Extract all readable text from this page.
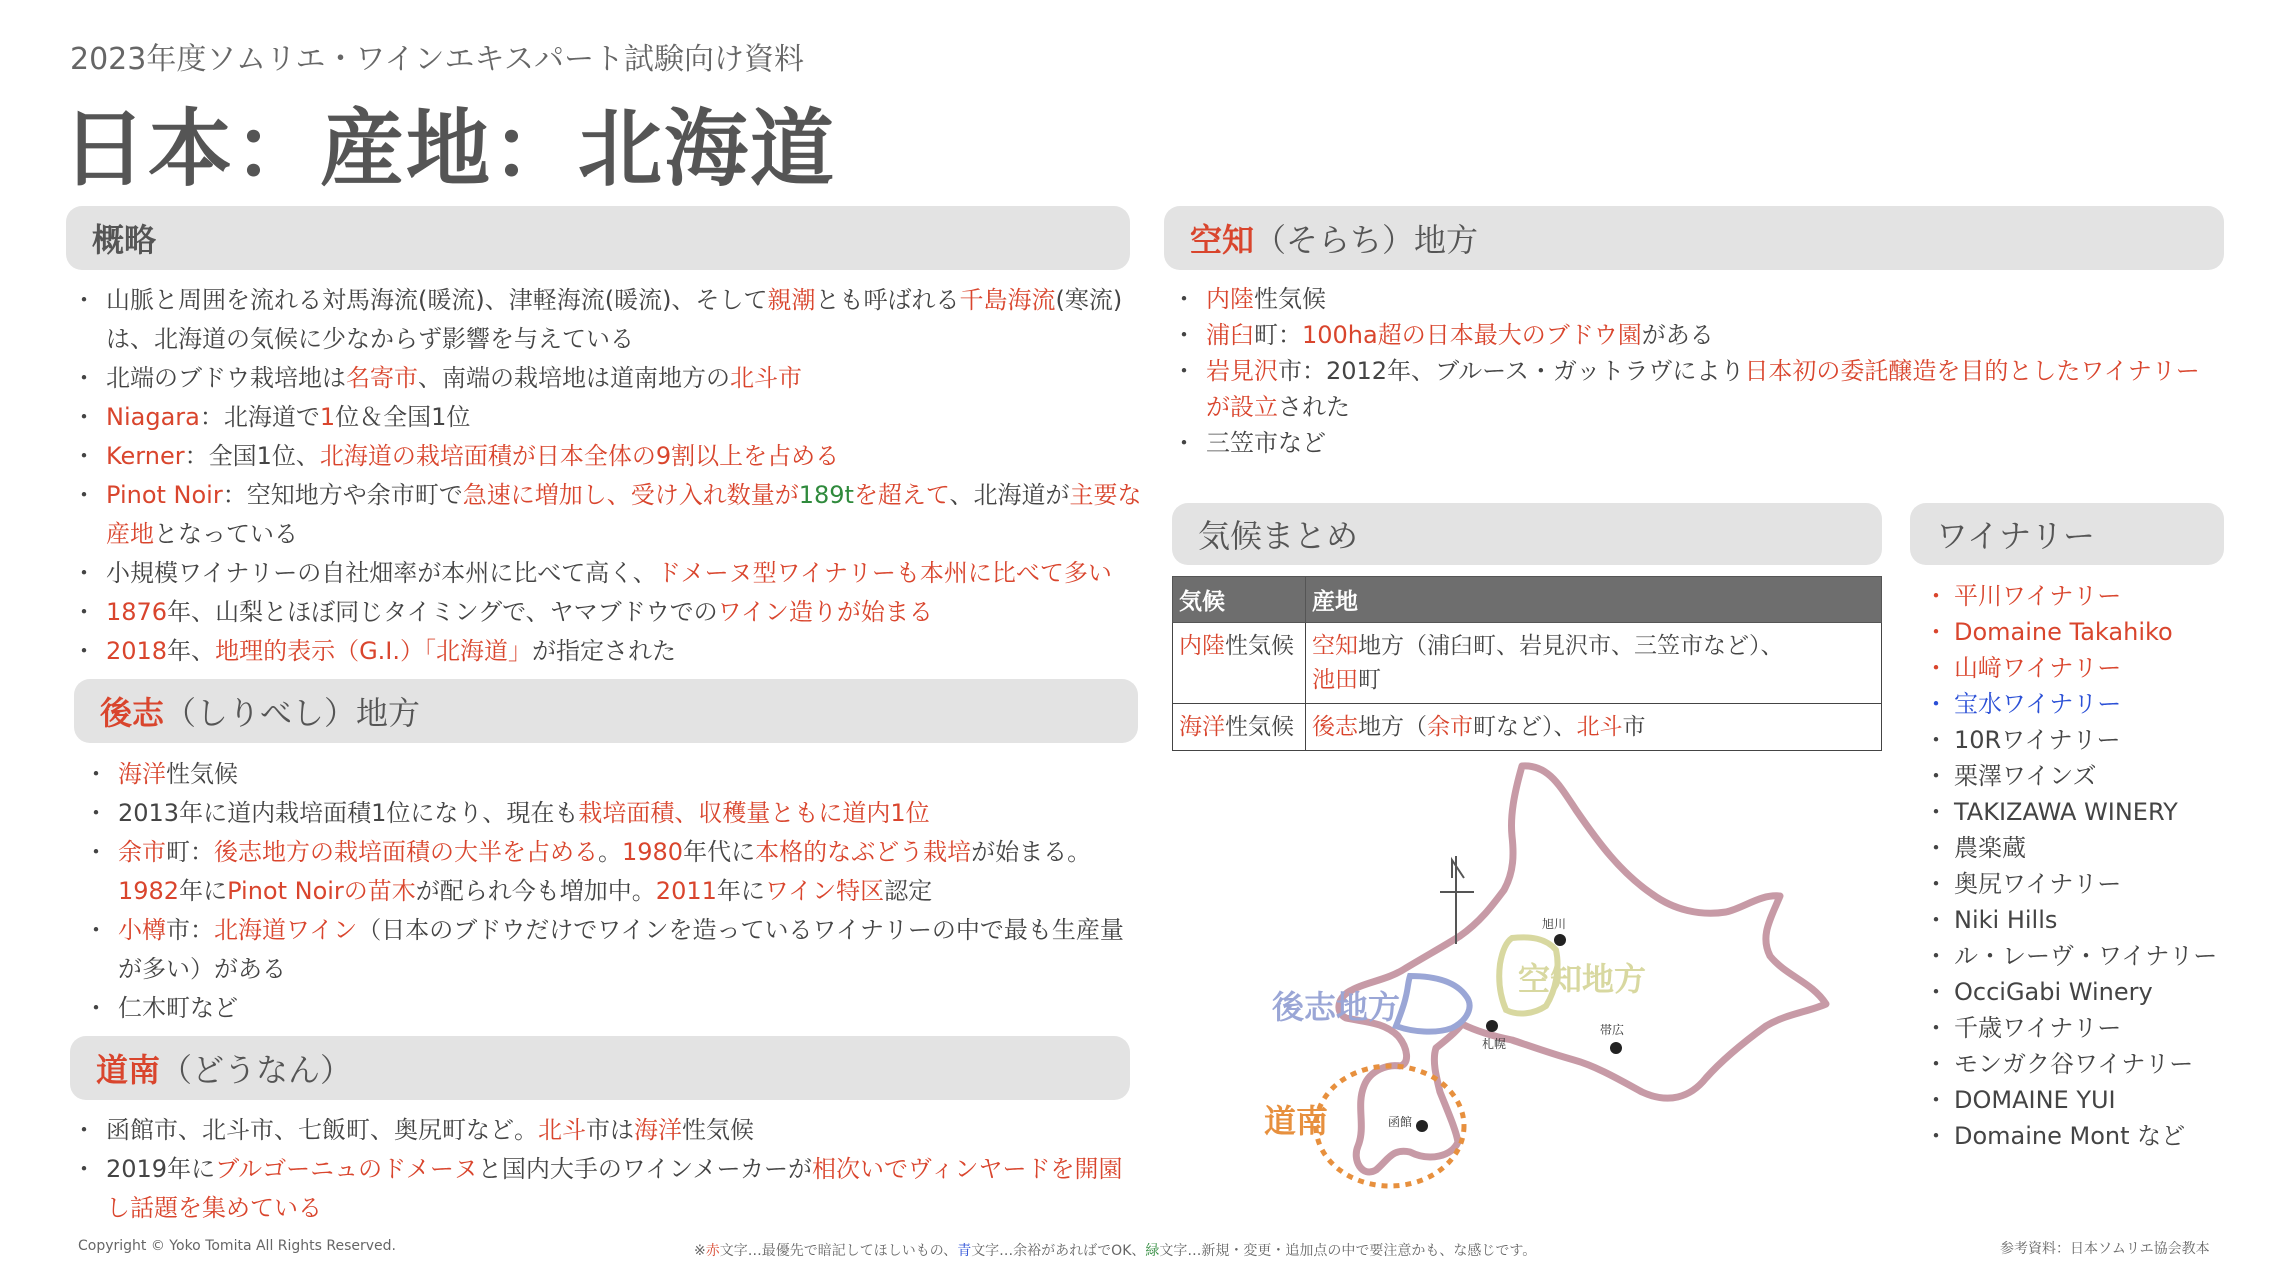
2023年度ソムリエ・ワインエキスパート試験向け資料
日本：産地：北海道
概略
・ 山脈と周囲を流れる対馬海流(暖流)、津軽海流(暖流)、そして親潮とも呼ばれる千島海流(寒流)は、北海道の気候に少なからず影響を与えている
・ 北端のブドウ栽培地は名寄市、南端の栽培地は道南地方の北斗市
・ Niagara：北海道で1位＆全国1位
・ Kerner：全国1位、北海道の栽培面積が日本全体の9割以上を占める
・ Pinot Noir：空知地方や余市町で急速に増加し、受け入れ数量が189tを超えて、北海道が主要な産地となっている
・ 小規模ワイナリーの自社畑率が本州に比べて高く、ドメーヌ型ワイナリーも本州に比べて多い
・ 1876年、山梨とほぼ同じタイミングで、ヤマブドウでのワイン造りが始まる
・ 2018年、地理的表示（G.I.）「北海道」が指定された
後志 （しりべし）地方
・ 海洋性気候
・ 2013年に道内栽培面積1位になり、現在も栽培面積、収穫量ともに道内1位
・ 余市町：後志地方の栽培面積の大半を占める。1980年代に本格的なぶどう栽培が始まる。1982年にPinot Noirの苗木が配られ今も増加中。2011年にワイン特区認定
・ 小樽市：北海道ワイン（日本のブドウだけでワインを造っているワイナリーの中で最も生産量が多い）がある
・ 仁木町など
道南 （どうなん）
・ 函館市、北斗市、七飯町、奥尻町など。北斗市は海洋性気候
・ 2019年にブルゴーニュのドメーヌと国内大手のワインメーカーが相次いでヴィンヤードを開園し話題を集めている
空知 （そらち）地方
・ 内陸性気候
・ 浦臼町：100ha超の日本最大のブドウ園がある
・ 岩見沢市：2012年、ブルース・ガットラヴにより日本初の委託醸造を目的としたワイナリーが設立された
・ 三笠市など
気候まとめ
気候	産地
内陸性気候	空知地方（浦臼町、岩見沢市、三笠市など）、
池田町
海洋性気候	後志地方（余市町など）、北斗市
ワイナリー
・ 平川ワイナリー
・ Domaine Takahiko
・ 山﨑ワイナリー
・ 宝水ワイナリー
・ 10Rワイナリー
・ 栗澤ワインズ
・ TAKIZAWA WINERY
・ 農楽蔵
・ 奥尻ワイナリー
・ Niki Hills
・ ル・レーヴ・ワイナリー
・ OcciGabi Winery
・ 千歳ワイナリー
・ モンガク谷ワイナリー
・ DOMAINE YUI
・ Domaine Mont など
旭川
札幌
帯広
函館
空知地方
後志地方
道南
Copyright © Yoko Tomita All Rights Reserved.	※赤文字…最優先で暗記してほしいもの、青文字…余裕があればでOK、緑文字…新規・変更・追加点の中で要注意かも、な感じです。	参考資料：日本ソムリエ協会教本
